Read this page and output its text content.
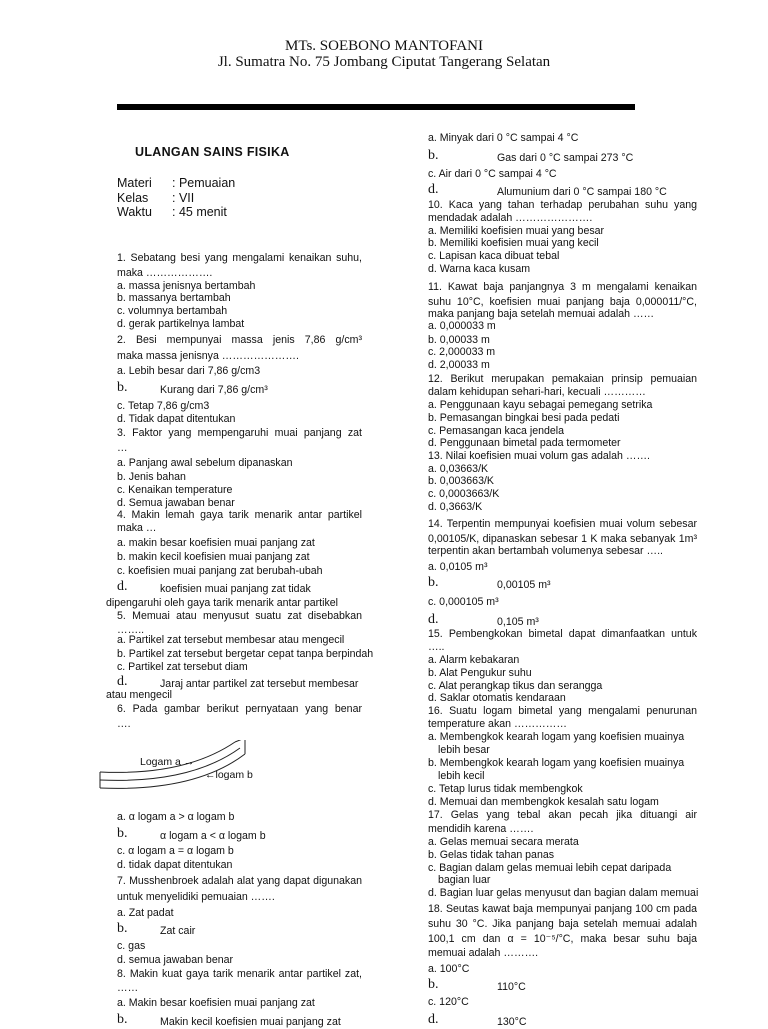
MTs. SOEBONO MANTOFANI
Jl. Sumatra No. 75 Jombang Ciputat Tangerang Selatan
ULANGAN SAINS FISIKA
Materi : Pemuaian
Kelas : VII
Waktu : 45 menit
1. Sebatang besi yang mengalami kenaikan suhu,
maka ……………….
a. massa jenisnya bertambah
b. massanya bertambah
c. volumnya bertambah
d. gerak partikelnya lambat
2. Besi mempunyai massa jenis 7,86 g/cm³
maka massa jenisnya ………………….
a. Lebih besar dari 7,86 g/cm3
b.	Kurang dari 7,86 g/cm³
c. Tetap 7,86 g/cm3
d. Tidak dapat ditentukan
3. Faktor yang mempengaruhi muai panjang zat
…
a. Panjang awal sebelum dipanaskan
b. Jenis bahan
c. Kenaikan temperature
d. Semua jawaban benar
4. Makin lemah gaya tarik menarik antar partikel
maka …
a. makin besar koefisien muai panjang zat
b. makin kecil koefisien muai panjang zat
c. koefisien muai panjang zat berubah-ubah
d.	koefisien muai panjang zat tidak
dipengaruhi oleh gaya tarik menarik antar partikel
5. Memuai atau menyusut suatu zat disebabkan
……..
a. Partikel zat tersebut membesar atau mengecil
b. Partikel zat tersebut bergetar cepat tanpa berpindah
c. Partikel zat tersebut diam
d.	Jaraj antar partikel zat tersebut membesar
atau mengecil
6. Pada gambar berikut pernyataan yang benar
….
a. α logam a > α logam b
b.	α logam a < α logam b
c. α logam a = α logam b
d. tidak dapat ditentukan
7. Musshenbroek adalah alat yang dapat digunakan
untuk menyelidiki pemuaian …….
a. Zat padat
b.	Zat cair
c. gas
d. semua jawaban benar
8. Makin kuat gaya tarik menarik antar partikel zat,
……
a. Makin besar koefisien muai panjang zat
b.	Makin kecil koefisien muai panjang zat
a. Minyak dari 0 °C sampai 4 °C
b.	Gas dari 0 °C sampai 273 °C
c. Air dari 0 °C sampai 4 °C
d.	Alumunium dari 0 °C sampai 180 °C
10. Kaca yang tahan terhadap perubahan suhu yang
mendadak adalah ………………….
a. Memiliki koefisien muai yang besar
b. Memiliki koefisien muai yang kecil
c. Lapisan kaca dibuat tebal
d. Warna kaca kusam
11. Kawat baja panjangnya 3 m mengalami kenaikan
suhu 10°C, koefisien muai panjang baja 0,000011/°C,
maka panjang baja setelah memuai adalah ……
a. 0,000033 m
b. 0,00033 m
c. 2,000033 m
d. 2,00033 m
12. Berikut merupakan pemakaian prinsip pemuaian
dalam kehidupan sehari-hari, kecuali …………
a. Penggunaan kayu sebagai pemegang setrika
b. Pemasangan bingkai besi pada pedati
c. Pemasangan kaca jendela
d. Penggunaan bimetal pada termometer
13. Nilai koefisien muai volum gas adalah …….
a. 0,03663/K
b. 0,003663/K
c. 0,0003663/K
d. 0,3663/K
14. Terpentin mempunyai koefisien muai volum sebesar
0,00105/K, dipanaskan sebesar 1 K maka sebanyak 1m³
terpentin akan bertambah volumenya sebesar …..
a. 0,0105 m³
b.	0,00105 m³
c. 0,000105 m³
d.	0,105 m³
15. Pembengkokan bimetal dapat dimanfaatkan untuk
…..
a. Alarm kebakaran
b. Alat Pengukur suhu
c. Alat perangkap tikus dan serangga
d. Saklar otomatis kendaraan
16. Suatu logam bimetal yang mengalami penurunan
temperature akan ……………
a. Membengkok kearah logam yang koefisien muainya
lebih besar
b. Membengkok kearah logam yang koefisien muainya
lebih kecil
c. Tetap lurus tidak membengkok
d. Memuai dan membengkok kesalah satu logam
17. Gelas yang tebal akan pecah jika dituangi air
mendidih karena …….
a. Gelas memuai secara merata
b. Gelas tidak tahan panas
c. Bagian dalam gelas memuai lebih cepat daripada
bagian luar
d. Bagian luar gelas menyusut dan bagian dalam memuai
18. Seutas kawat baja mempunyai panjang 100 cm pada
suhu 30 °C. Jika panjang baja setelah memuai adalah
100,1 cm dan α = 10⁻⁵/°C, maka besar suhu baja
memuai adalah ……….
a. 100°C
b.	110°C
c. 120°C
d.	130°C
Logam a →
←logam b
